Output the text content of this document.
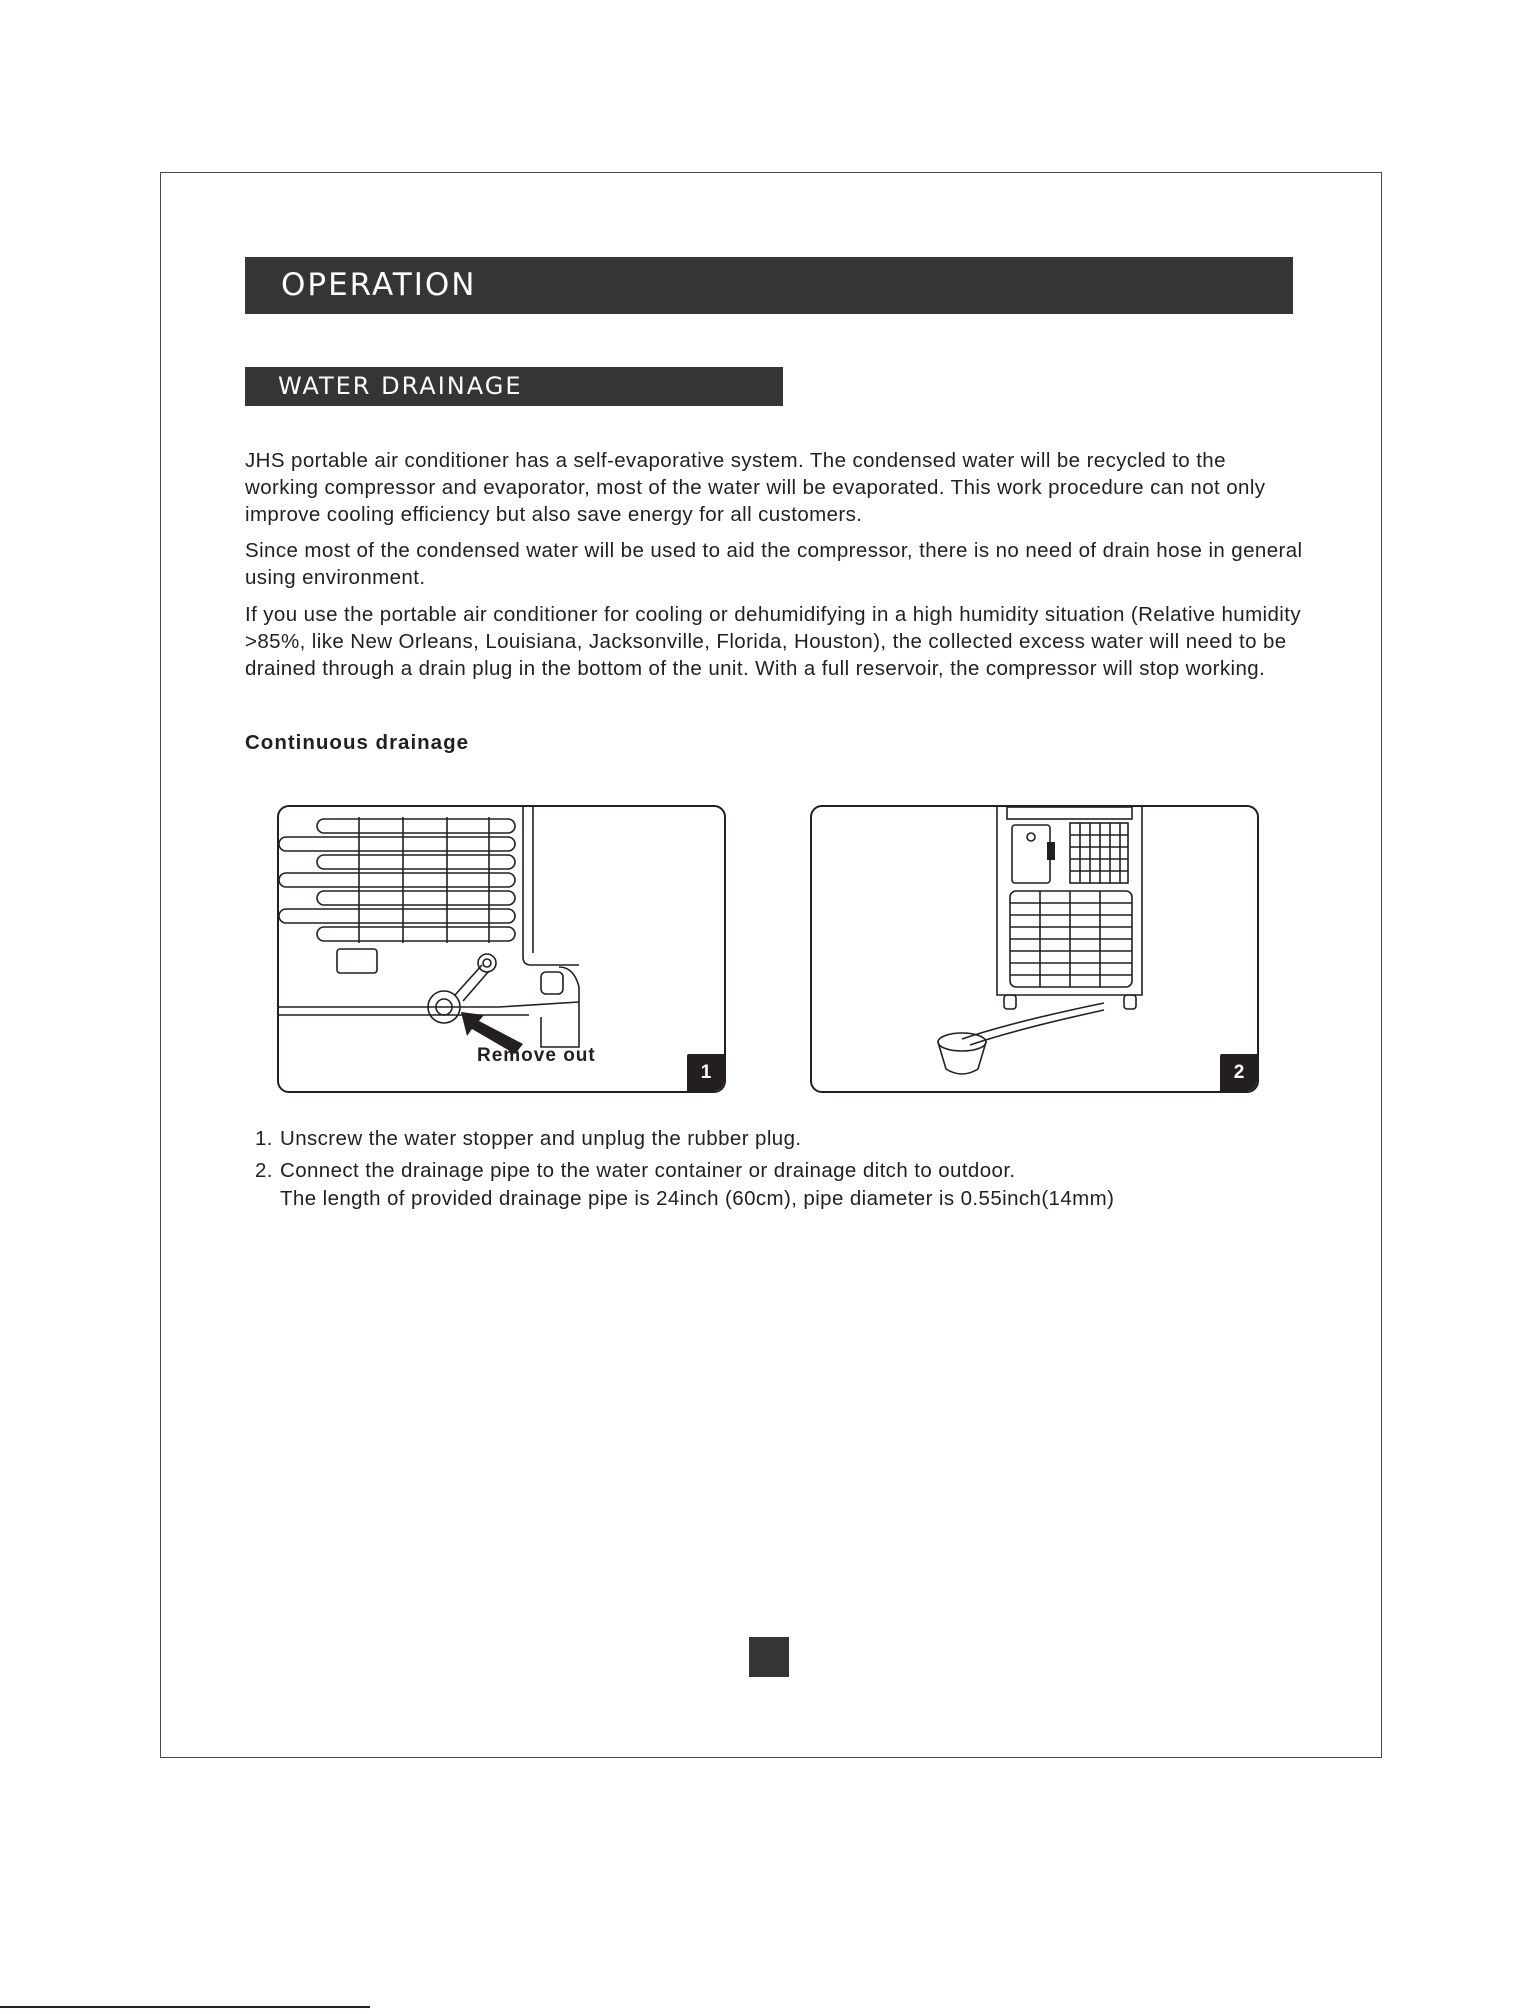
OPERATION
WATER DRAINAGE

JHS portable air conditioner has a self-evaporative system. The condensed water will be recycled to the working compressor and evaporator, most of the water will be evaporated. This work procedure can not only improve cooling efficiency but also save energy for all customers.

Since most of the condensed water will be used to aid the compressor, there is no need of drain hose in general using environment.

If you use the portable air conditioner for cooling or dehumidifying in a high humidity situation (Relative humidity >85%, like New Orleans, Louisiana, Jacksonville, Florida, Houston), the collected excess water will need to be drained through a drain plug in the bottom of the unit. With a full reservoir, the compressor will stop working.

Continuous drainage

Remove out
1	2
1. Unscrew the water stopper and unplug the rubber plug.
2. Connect the drainage pipe to the water container or drainage ditch to outdoor.
The length of provided drainage pipe is 24inch (60cm), pipe diameter is 0.55inch(14mm)
